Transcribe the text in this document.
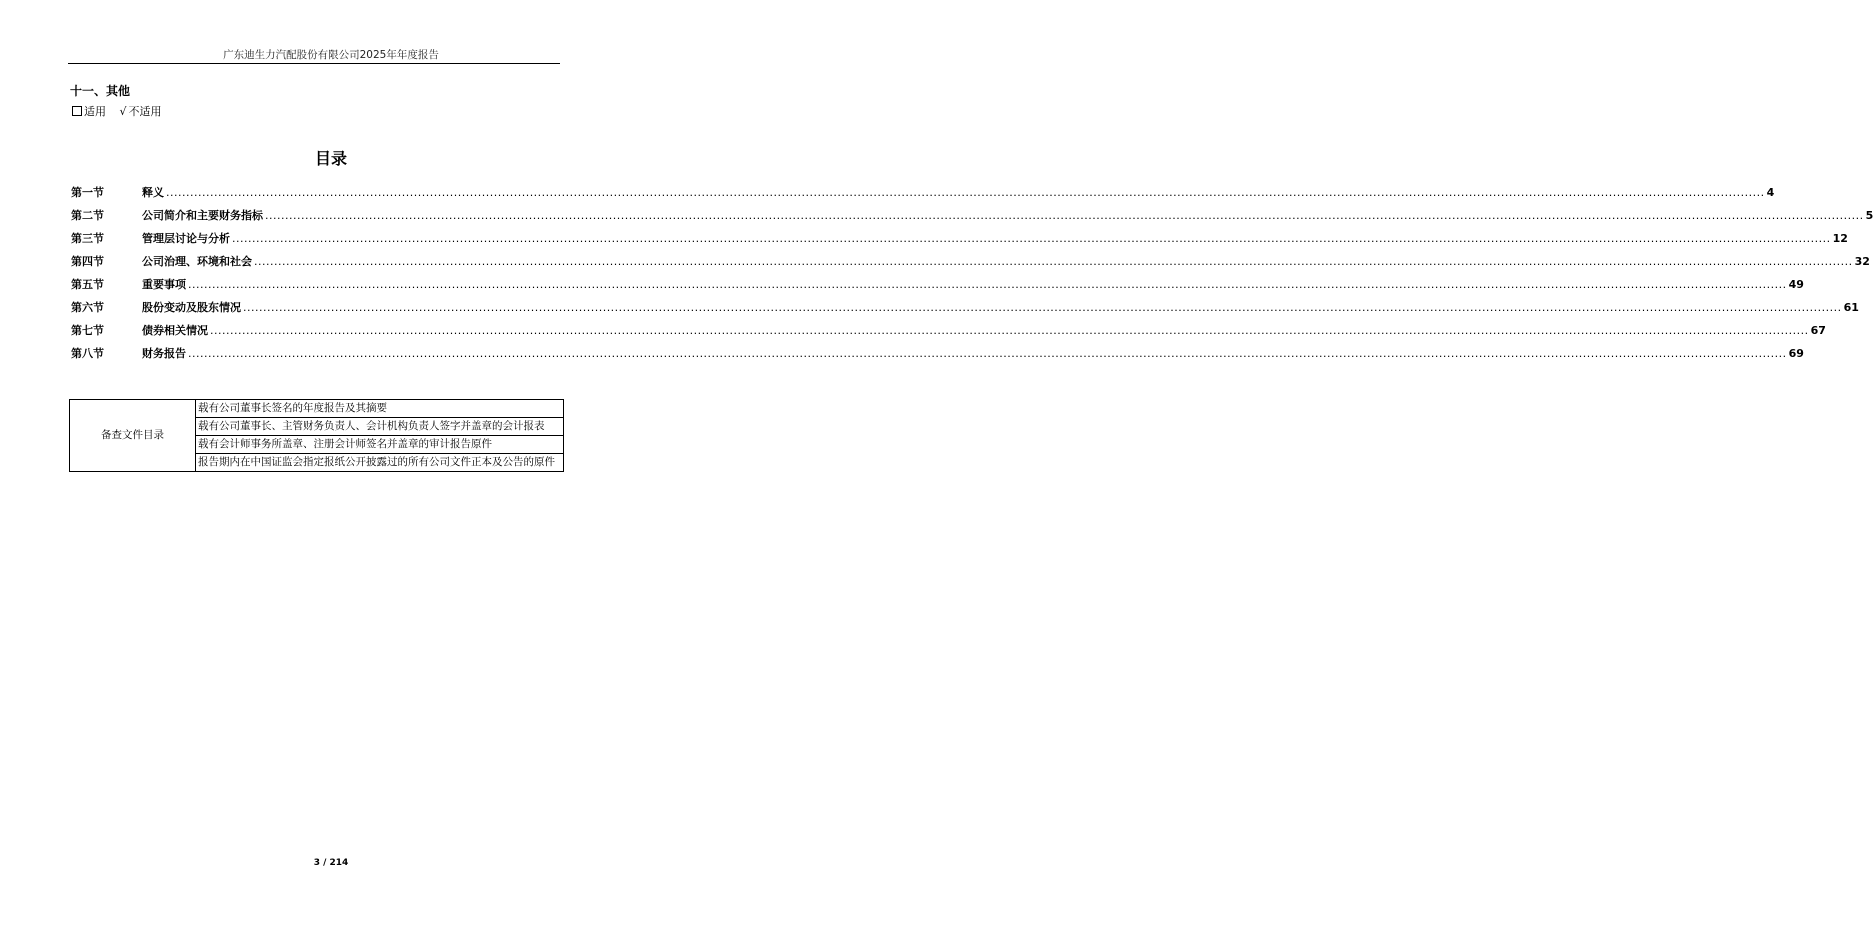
广东迪生力汽配股份有限公司2025年年度报告
十一、其他
适用 √ 不适用
目录
第一节	释义 ................................................................................................................................................................................................................................................................................................................................................................................................................ 4
第二节	公司简介和主要财务指标 ................................................................................................................................................................................................................................................................................................................................................................................................................ 5
第三节	管理层讨论与分析 ................................................................................................................................................................................................................................................................................................................................................................................................................ 12
第四节	公司治理、环境和社会 ................................................................................................................................................................................................................................................................................................................................................................................................................ 32
第五节	重要事项 ................................................................................................................................................................................................................................................................................................................................................................................................................ 49
第六节	股份变动及股东情况 ................................................................................................................................................................................................................................................................................................................................................................................................................ 61
第七节	债券相关情况 ................................................................................................................................................................................................................................................................................................................................................................................................................ 67
第八节	财务报告 ................................................................................................................................................................................................................................................................................................................................................................................................................ 69
备查文件目录	载有公司董事长签名的年度报告及其摘要
载有公司董事长、主管财务负责人、会计机构负责人签字并盖章的会计报表
载有会计师事务所盖章、注册会计师签名并盖章的审计报告原件
报告期内在中国证监会指定报纸公开披露过的所有公司文件正本及公告的原件
3 / 214
